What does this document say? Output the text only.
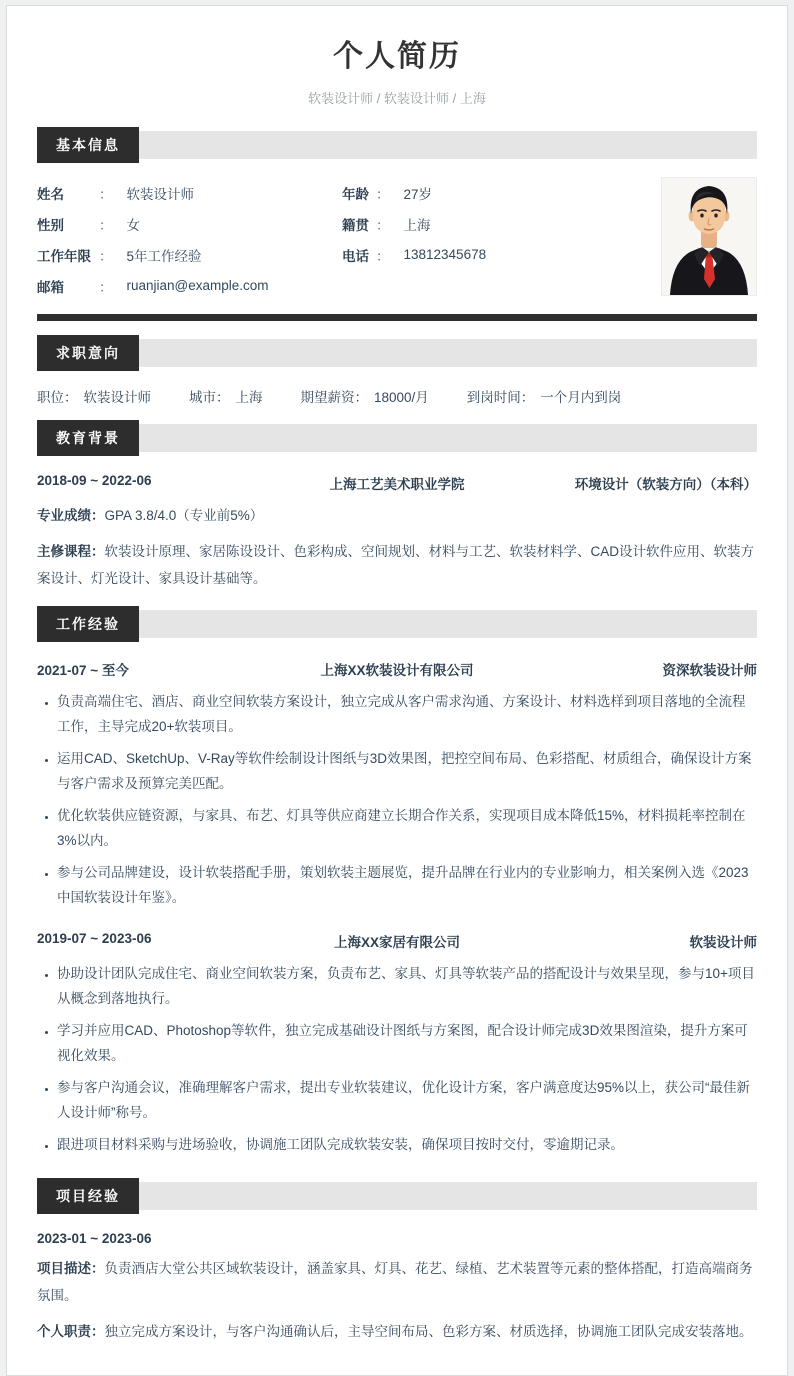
个人简历
软装设计师 / 软装设计师 / 上海
基本信息
姓名	： 软装设计师
性别	： 女
工作年限 ： 5年工作经验
邮箱	： ruanjian@example.com
年龄 ： 27岁
籍贯 ： 上海
电话 ： 13812345678
求职意向
职位： 软装设计师	城市： 上海	期望薪资： 18000/月	到岗时间： 一个月内到岗
教育背景
2018-09 ~ 2022-06	上海工艺美术职业学院	环境设计（软装方向）（本科）

专业成绩：GPA 3.8/4.0（专业前5%）

主修课程：软装设计原理、家居陈设设计、色彩构成、空间规划、材料与工艺、软装材料学、CAD设计软件应用、软装方案设计、灯光设计、家具设计基础等。

工作经验
2021-07 ~ 至今	上海XX软装设计有限公司	资深软装设计师
• 负责高端住宅、酒店、商业空间软装方案设计，独立完成从客户需求沟通、方案设计、材料选样到项目落地的全流程工作，主导完成20+软装项目。
• 运用CAD、SketchUp、V-Ray等软件绘制设计图纸与3D效果图，把控空间布局、色彩搭配、材质组合，确保设计方案与客户需求及预算完美匹配。
• 优化软装供应链资源，与家具、布艺、灯具等供应商建立长期合作关系，实现项目成本降低15%，材料损耗率控制在3%以内。
• 参与公司品牌建设，设计软装搭配手册，策划软装主题展览，提升品牌在行业内的专业影响力，相关案例入选《2023中国软装设计年鉴》。
2019-07 ~ 2023-06	上海XX家居有限公司	软装设计师
• 协助设计团队完成住宅、商业空间软装方案，负责布艺、家具、灯具等软装产品的搭配设计与效果呈现，参与10+项目从概念到落地执行。
• 学习并应用CAD、Photoshop等软件，独立完成基础设计图纸与方案图，配合设计师完成3D效果图渲染，提升方案可视化效果。
• 参与客户沟通会议，准确理解客户需求，提出专业软装建议，优化设计方案，客户满意度达95%以上，获公司“最佳新人设计师”称号。
• 跟进项目材料采购与进场验收，协调施工团队完成软装安装，确保项目按时交付，零逾期记录。
项目经验
2023-01 ~ 2023-06

项目描述：负责酒店大堂公共区域软装设计，涵盖家具、灯具、花艺、绿植、艺术装置等元素的整体搭配，打造高端商务氛围。

个人职责：独立完成方案设计，与客户沟通确认后，主导空间布局、色彩方案、材质选择，协调施工团队完成安装落地。
